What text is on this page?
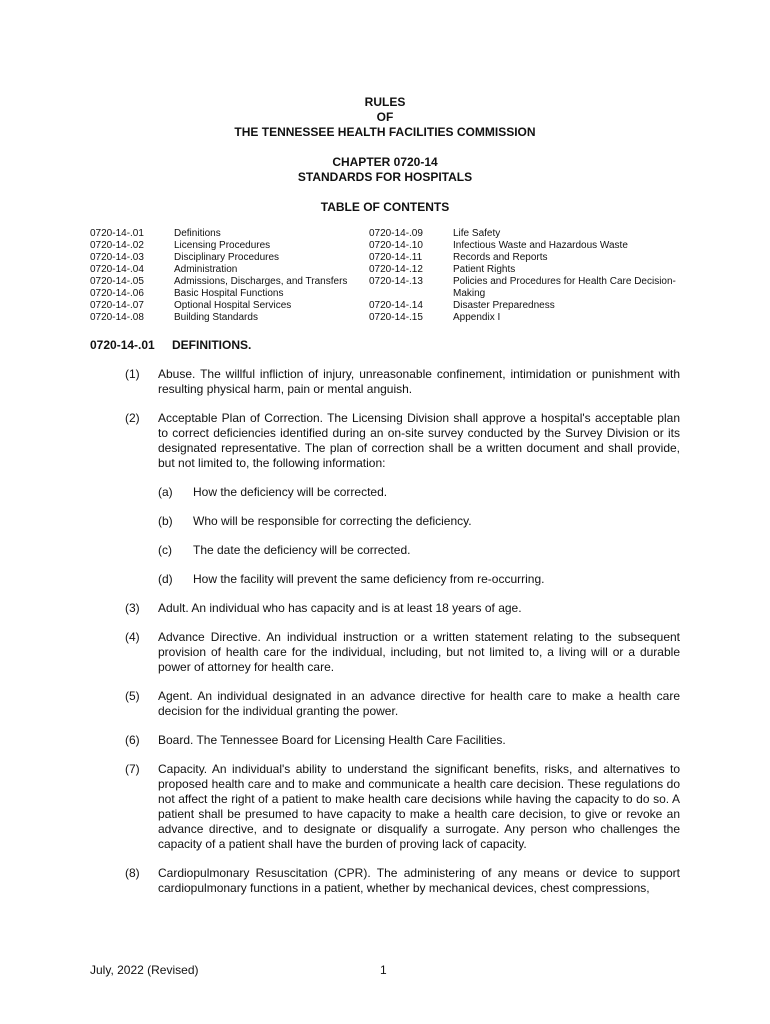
RULES
OF
THE TENNESSEE HEALTH FACILITIES COMMISSION
CHAPTER 0720-14
STANDARDS FOR HOSPITALS
TABLE OF CONTENTS
0720-14-.01	Definitions
0720-14-.02	Licensing Procedures
0720-14-.03	Disciplinary Procedures
0720-14-.04	Administration
0720-14-.05	Admissions, Discharges, and Transfers
0720-14-.06	Basic Hospital Functions
0720-14-.07	Optional Hospital Services
0720-14-.08	Building Standards
0720-14-.09	Life Safety
0720-14-.10	Infectious Waste and Hazardous Waste
0720-14-.11	Records and Reports
0720-14-.12	Patient Rights
0720-14-.13	Policies and Procedures for Health Care Decision-Making
0720-14-.14	Disaster Preparedness
0720-14-.15	Appendix I
0720-14-.01 DEFINITIONS.
(1)	Abuse. The willful infliction of injury, unreasonable confinement, intimidation or punishment with resulting physical harm, pain or mental anguish.
(2)	Acceptable Plan of Correction. The Licensing Division shall approve a hospital's acceptable plan to correct deficiencies identified during an on-site survey conducted by the Survey Division or its designated representative. The plan of correction shall be a written document and shall provide, but not limited to, the following information:
(a)	How the deficiency will be corrected.
(b)	Who will be responsible for correcting the deficiency.
(c)	The date the deficiency will be corrected.
(d)	How the facility will prevent the same deficiency from re-occurring.
(3)	Adult. An individual who has capacity and is at least 18 years of age.
(4)	Advance Directive. An individual instruction or a written statement relating to the subsequent provision of health care for the individual, including, but not limited to, a living will or a durable power of attorney for health care.
(5)	Agent. An individual designated in an advance directive for health care to make a health care decision for the individual granting the power.
(6)	Board. The Tennessee Board for Licensing Health Care Facilities.
(7)	Capacity. An individual's ability to understand the significant benefits, risks, and alternatives to proposed health care and to make and communicate a health care decision. These regulations do not affect the right of a patient to make health care decisions while having the capacity to do so. A patient shall be presumed to have capacity to make a health care decision, to give or revoke an advance directive, and to designate or disqualify a surrogate. Any person who challenges the capacity of a patient shall have the burden of proving lack of capacity.
(8)	Cardiopulmonary Resuscitation (CPR). The administering of any means or device to support cardiopulmonary functions in a patient, whether by mechanical devices, chest compressions,
July, 2022 (Revised)	1
